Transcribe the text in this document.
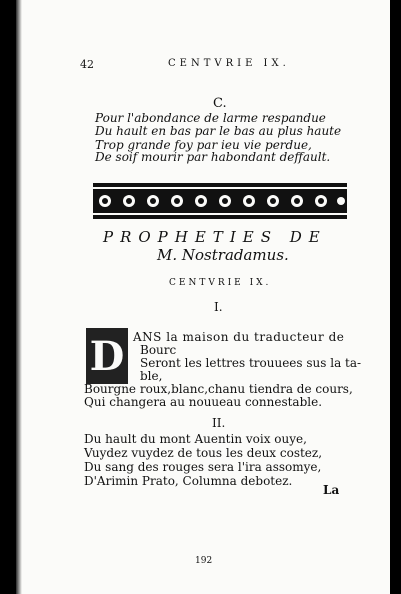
42	CENTVRIE IX.
C.
Pour l'abondance de larme respandue
Du hault en bas par le bas au plus haute
Trop grande foy par ieu vie perdue,
De soif mourir par habondant deffault.
PROPHETIES DE
M. Nostradamus.
CENTVRIE IX.
I.
D ANS la maison du traducteur de
Bourc
Seront les lettres trouuees sus la ta-
ble,
Bourgne roux,blanc,chanu tiendra de cours,
Qui changera au nouueau connestable.
II.
Du hault du mont Auentin voix ouye,
Vuydez vuydez de tous les deux costez,
Du sang des rouges sera l'ira assomye,
D'Arimin Prato, Columna debotez.
La
192
